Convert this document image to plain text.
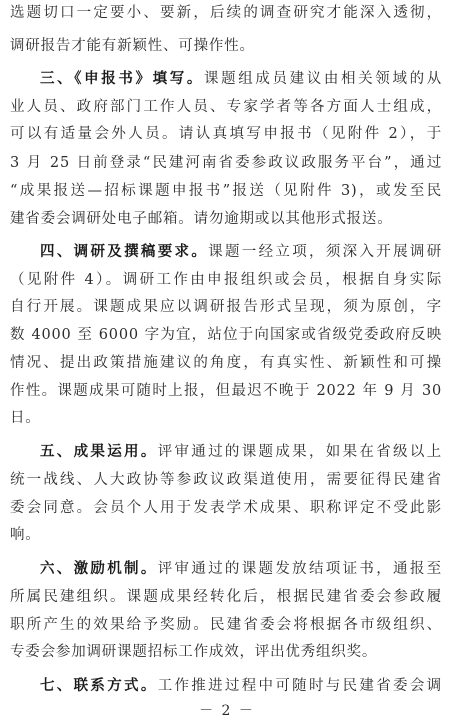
选题切口一定要小、要新，后续的调查研究才能深入透彻，
调研报告才能有新颖性、可操作性。
三、《申报书》填写。课题组成员建议由相关领域的从
业人员、政府部门工作人员、专家学者等各方面人士组成，
可以有适量会外人员。请认真填写申报书（见附件 2），于
3 月 25 日前登录“民建河南省委参政议政服务平台”，通过
“成果报送—招标课题申报书”报送（见附件 3)，或发至民
建省委会调研处电子邮箱。请勿逾期或以其他形式报送。
四、调研及撰稿要求。课题一经立项，须深入开展调研
（见附件 4）。调研工作由申报组织或会员，根据自身实际
自行开展。课题成果应以调研报告形式呈现，须为原创，字
数 4000 至 6000 字为宜，站位于向国家或省级党委政府反映
情况、提出政策措施建议的角度，有真实性、新颖性和可操
作性。课题成果可随时上报，但最迟不晚于 2022 年 9 月 30
日。
五、成果运用。评审通过的课题成果，如果在省级以上
统一战线、人大政协等参政议政渠道使用，需要征得民建省
委会同意。会员个人用于发表学术成果、职称评定不受此影
响。
六、激励机制。评审通过的课题发放结项证书，通报至
所属民建组织。课题成果经转化后，根据民建省委会参政履
职所产生的效果给予奖励。民建省委会将根据各市级组织、
专委会参加调研课题招标工作成效，评出优秀组织奖。
七、联系方式。工作推进过程中可随时与民建省委会调
－ 2 －
